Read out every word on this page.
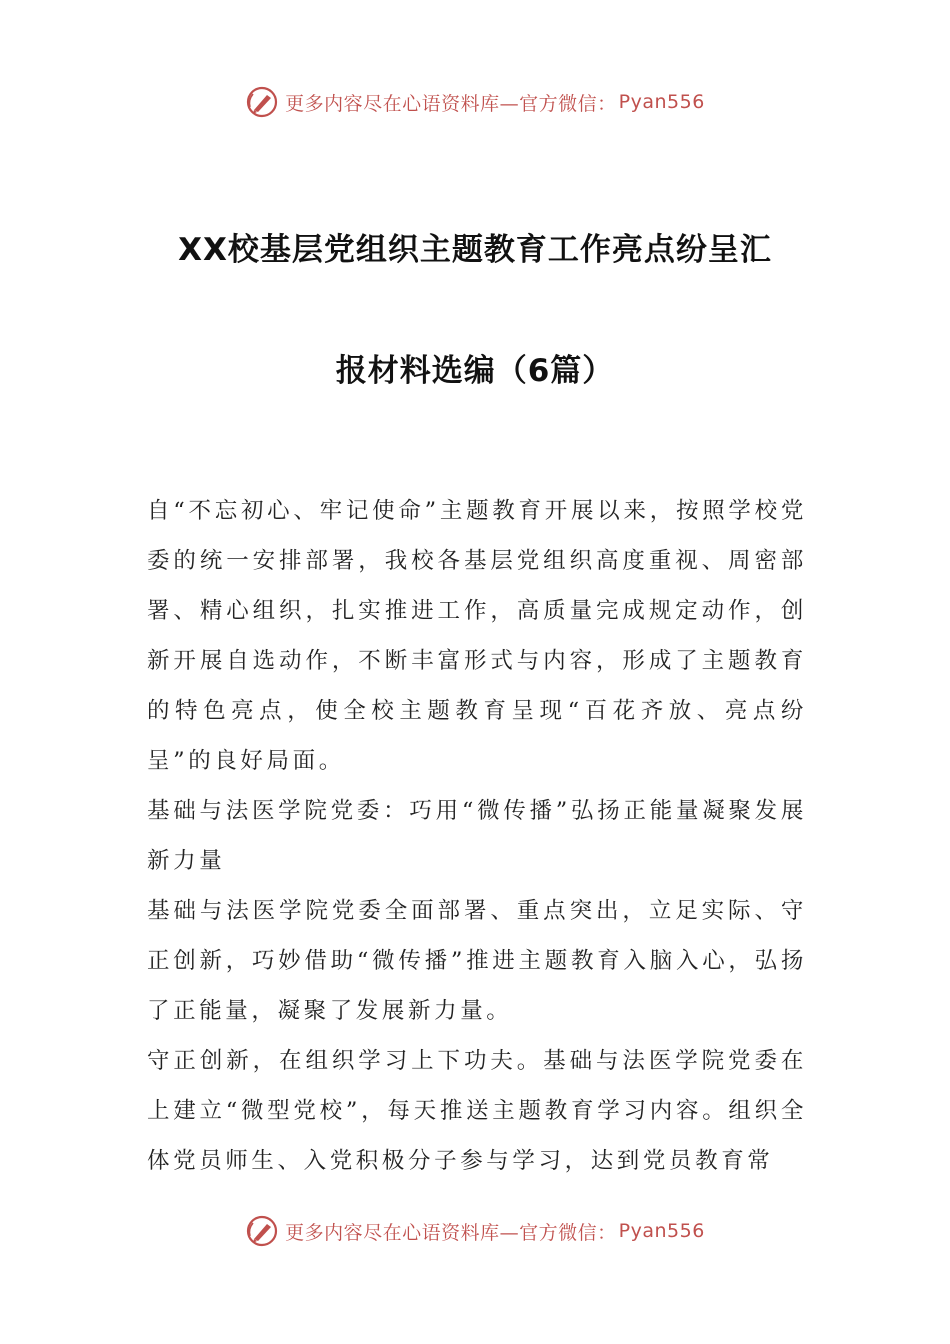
更多内容尽在心语资料库—官方微信： Pyan556
XX校基层党组织主题教育工作亮点纷呈汇
报材料选编（6篇）

自“不忘初心、牢记使命”主题教育开展以来，按照学校党委的统一安排部署，我校各基层党组织高度重视、周密部署、精心组织，扎实推进工作，高质量完成规定动作，创新开展自选动作，不断丰富形式与内容，形成了主题教育的特色亮点，使全校主题教育呈现“百花齐放、亮点纷呈”的良好局面。

基础与法医学院党委：巧用“微传播”弘扬正能量凝聚发展新力量

基础与法医学院党委全面部署、重点突出，立足实际、守正创新，巧妙借助“微传播”推进主题教育入脑入心，弘扬了正能量，凝聚了发展新力量。

守正创新，在组织学习上下功夫。基础与法医学院党委在上建立“微型党校”，每天推送主题教育学习内容。组织全体党员师生、入党积极分子参与学习，达到党员教育常

更多内容尽在心语资料库—官方微信： Pyan556
